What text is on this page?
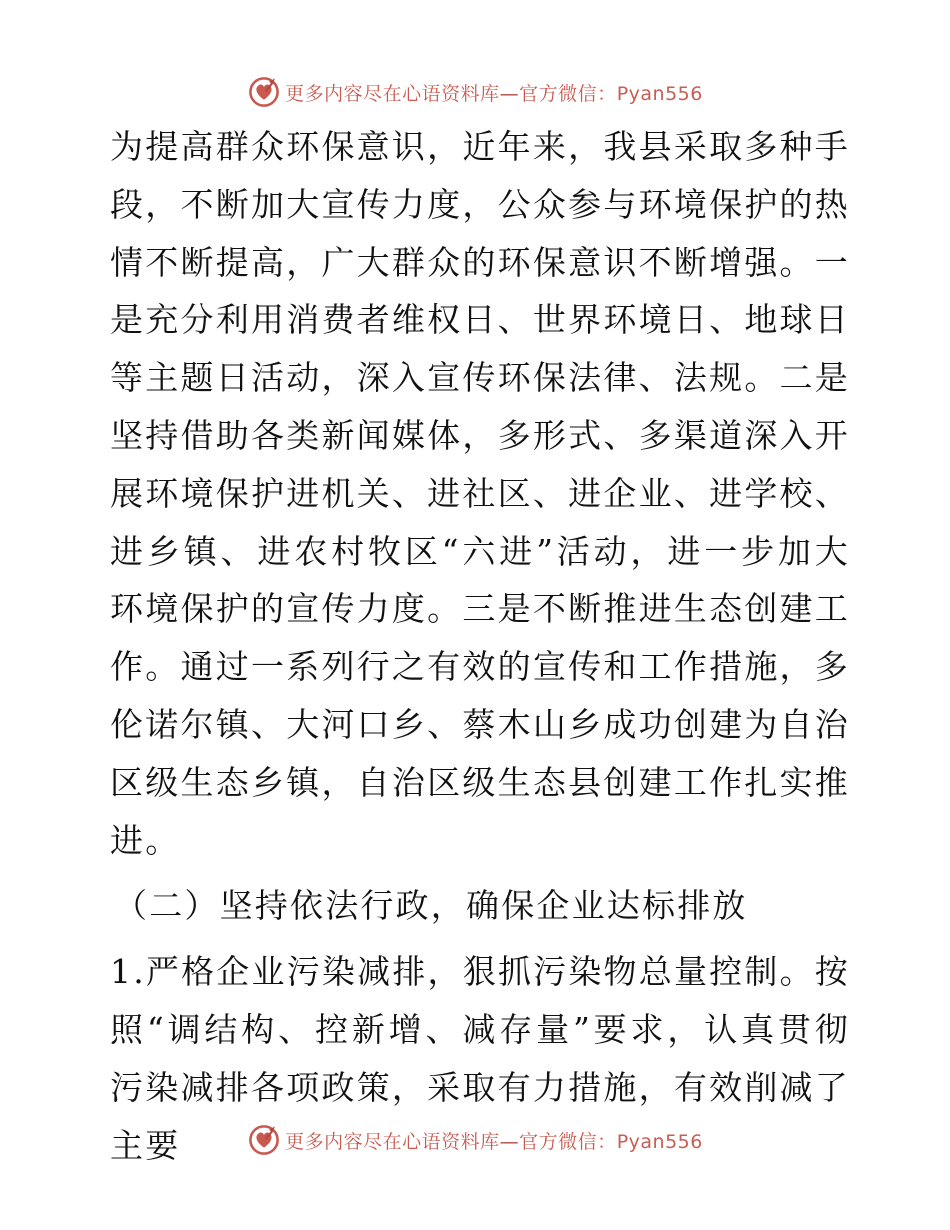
更多内容尽在心语资料库—官方微信：Pyan556

为提高群众环保意识，近年来，我县采取多种手段，不断加大宣传力度，公众参与环境保护的热情不断提高，广大群众的环保意识不断增强。一是充分利用消费者维权日、世界环境日、地球日等主题日活动，深入宣传环保法律、法规。二是坚持借助各类新闻媒体，多形式、多渠道深入开展环境保护进机关、进社区、进企业、进学校、进乡镇、进农村牧区“六进”活动，进一步加大环境保护的宣传力度。三是不断推进生态创建工作。通过一系列行之有效的宣传和工作措施，多伦诺尔镇、大河口乡、蔡木山乡成功创建为自治区级生态乡镇，自治区级生态县创建工作扎实推进。

（二）坚持依法行政，确保企业达标排放

1.严格企业污染减排，狠抓污染物总量控制。按照“调结构、控新增、减存量”要求，认真贯彻污染减排各项政策，采取有力措施，有效削减了主要	更多内容尽在心语资料库—官方微信：Pyan556
